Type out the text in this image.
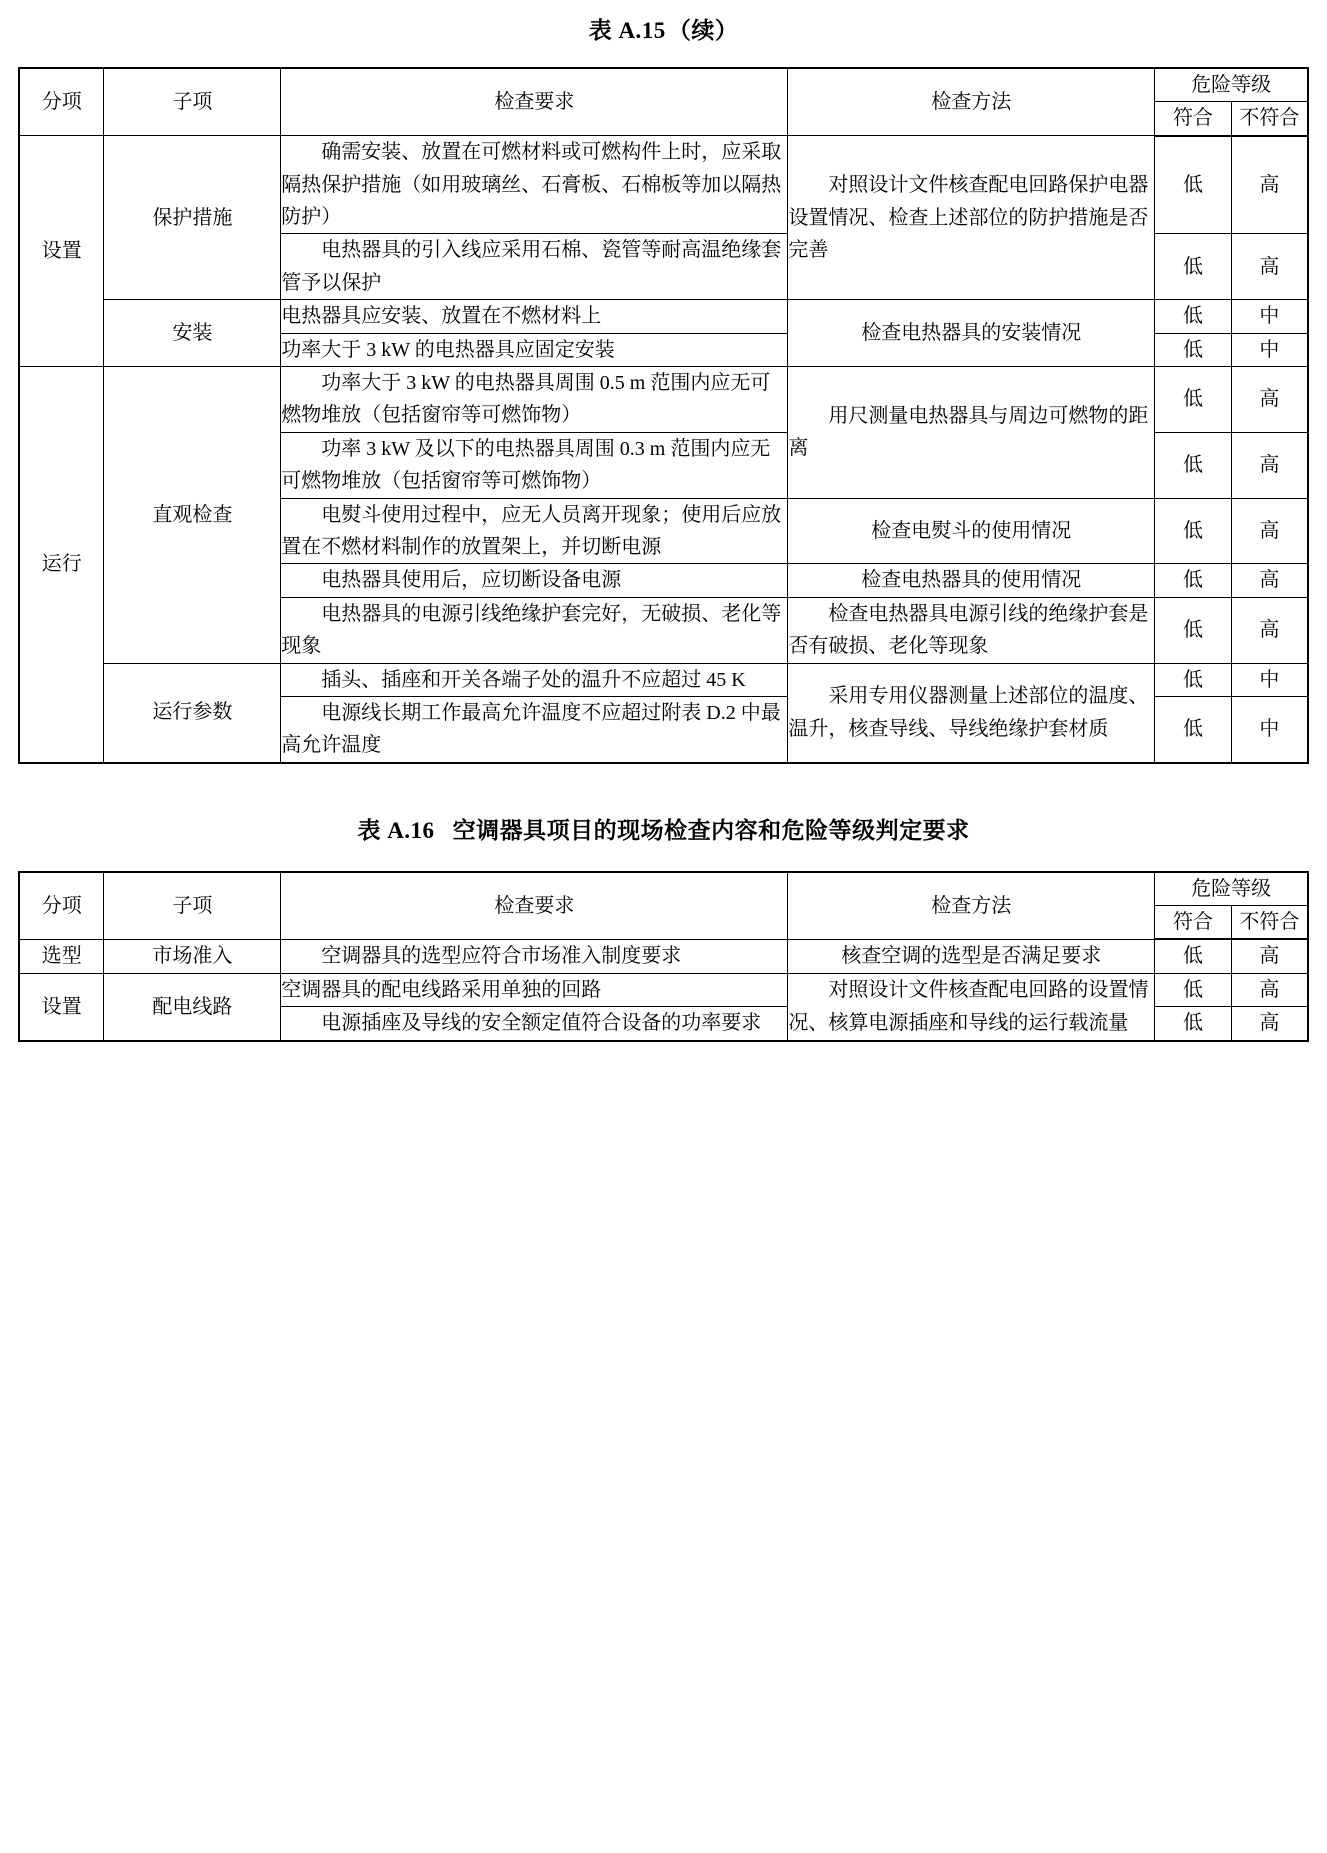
表 A.15（续）
分项	子项	检查要求	检查方法	危险等级	
				符合	不符合
设置	保护措施	确需安装、放置在可燃材料或可燃构件上时，应采取隔热保护措施（如用玻璃丝、石膏板、石棉板等加以隔热防护）	对照设计文件核查配电回路保护电器设置情况、检查上述部位的防护措施是否完善	低	高
		电热器具的引入线应采用石棉、瓷管等耐高温绝缘套管予以保护		低	高
	安装	电热器具应安装、放置在不燃材料上	检查电热器具的安装情况	低	中
		功率大于 3 kW 的电热器具应固定安装		低	中
运行	直观检查	功率大于 3 kW 的电热器具周围 0.5 m 范围内应无可燃物堆放（包括窗帘等可燃饰物）	用尺测量电热器具与周边可燃物的距离	低	高
		功率 3 kW 及以下的电热器具周围 0.3 m 范围内应无可燃物堆放（包括窗帘等可燃饰物）		低	高
		电熨斗使用过程中，应无人员离开现象；使用后应放置在不燃材料制作的放置架上，并切断电源	检查电熨斗的使用情况	低	高
		电热器具使用后，应切断设备电源	检查电热器具的使用情况	低	高
		电热器具的电源引线绝缘护套完好，无破损、老化等现象	检查电热器具电源引线的绝缘护套是否有破损、老化等现象	低	高
	运行参数	插头、插座和开关各端子处的温升不应超过 45 K	采用专用仪器测量上述部位的温度、温升，核查导线、导线绝缘护套材质	低	中
		电源线长期工作最高允许温度不应超过附表 D.2 中最高允许温度		低	中
表 A.16 空调器具项目的现场检查内容和危险等级判定要求
分项	子项	检查要求	检查方法	危险等级	
				符合	不符合
选型	市场准入	空调器具的选型应符合市场准入制度要求	核查空调的选型是否满足要求	低	高
设置	配电线路	空调器具的配电线路采用单独的回路	对照设计文件核查配电回路的设置情况、核算电源插座和导线的运行载流量	低	高
		电源插座及导线的安全额定值符合设备的功率要求		低	高
